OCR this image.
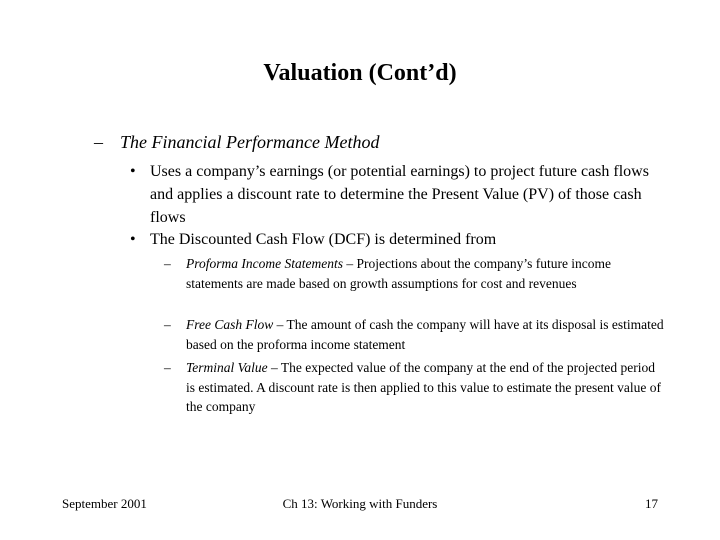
Valuation (Cont’d)
– The Financial Performance Method
• Uses a company’s earnings (or potential earnings) to project future cash flows and applies a discount rate to determine the Present Value (PV) of those cash flows
• The Discounted Cash Flow (DCF) is determined from
– Proforma Income Statements – Projections about the company’s future income statements are made based on growth assumptions for cost and revenues
– Free Cash Flow – The amount of cash the company will have at its disposal is estimated based on the proforma income statement
– Terminal Value – The expected value of the company at the end of the projected period is estimated. A discount rate is then applied to this value to estimate the present value of the company
September 2001	Ch 13: Working with Funders	17
